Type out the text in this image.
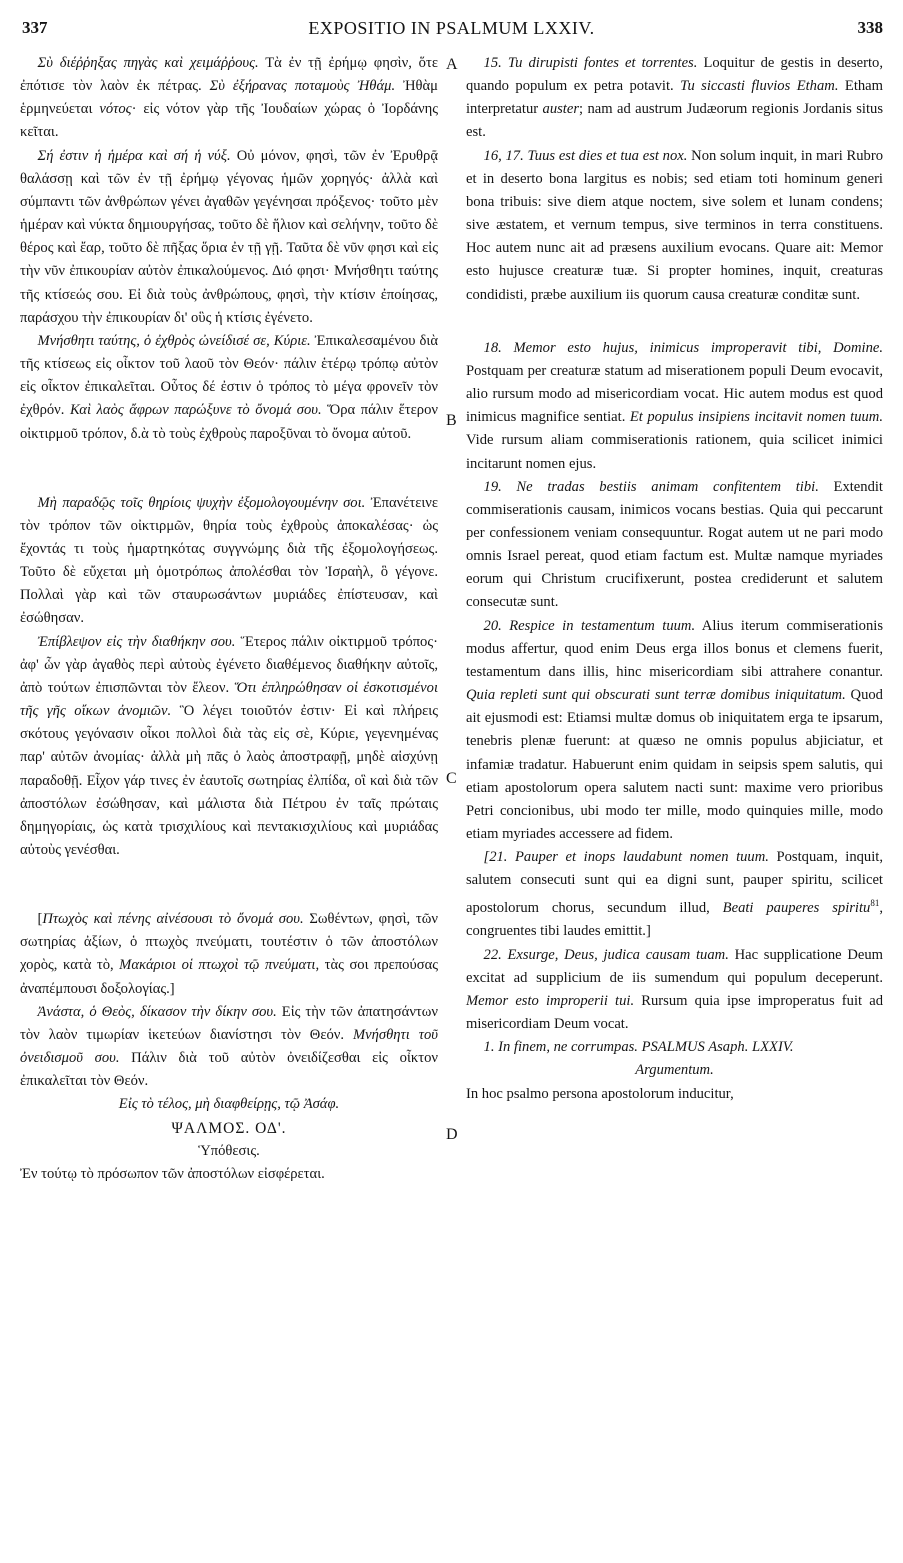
337	EXPOSITIO IN PSALMUM LXXIV.	338
A
B
C
D

Σὺ διέῤῥηξας πηγὰς καὶ χειμάῤῥους. Τὰ ἐν τῇ ἐρήμῳ φησὶν, ὅτε ἐπότισε τὸν λαὸν ἐκ πέτρας. Σὺ ἐξήρανας ποταμοὺς Ἠθάμ. Ἠθὰμ ἑρμηνεύεται νότος· εἰς νότον γὰρ τῆς Ἰουδαίων χώρας ὁ Ἰορδάνης κεῖται.

Σή ἐστιν ἡ ἡμέρα καὶ σή ἡ νύξ. Οὐ μόνον, φησὶ, τῶν ἐν Ἐρυθρᾷ θαλάσσῃ καὶ τῶν ἐν τῇ ἐρήμῳ γέγονας ἡμῶν χορηγός· ἀλλὰ καὶ σύμπαντι τῶν ἀνθρώπων γένει ἀγαθῶν γεγένησαι πρόξενος· τοῦτο μὲν ἡμέραν καὶ νύκτα δημιουργήσας, τοῦτο δὲ ἥλιον καὶ σελήνην, τοῦτο δὲ θέρος καὶ ἔαρ, τοῦτο δὲ πῆξας ὅρια ἐν τῇ γῇ. Ταῦτα δὲ νῦν φησι καὶ εἰς τὴν νῦν ἐπικουρίαν αὐτὸν ἐπικαλούμενος. Διό φησι· Μνήσθητι ταύτης τῆς κτίσεώς σου. Εἰ διὰ τοὺς ἀνθρώπους, φησὶ, τὴν κτίσιν ἐποίησας, παράσχου τὴν ἐπικουρίαν δι' οὓς ἡ κτίσις ἐγένετο.

Μνήσθητι ταύτης, ὁ ἐχθρὸς ὠνείδισέ σε, Κύριε. Ἐπικαλεσαμένου διὰ τῆς κτίσεως εἰς οἶκτον τοῦ λαοῦ τὸν Θεόν· πάλιν ἑτέρῳ τρόπῳ αὐτὸν εἰς οἶκτον ἐπικαλεῖται. Οὗτος δέ ἐστιν ὁ τρόπος τὸ μέγα φρονεῖν τὸν ἐχθρόν. Καὶ λαὸς ἄφρων παρώξυνε τὸ ὄνομά σου. Ὅρα πάλιν ἕτερον οἰκτιρμοῦ τρόπον, δ.ὰ τὸ τοὺς ἐχθροὺς παροξῦναι τὸ ὄνομα αὐτοῦ.

Μὴ παραδῷς τοῖς θηρίοις ψυχὴν ἐξομολογουμένην σοι. Ἐπανέτεινε τὸν τρόπον τῶν οἰκτιρμῶν, θηρία τοὺς ἐχθροὺς ἀποκαλέσας· ὡς ἔχοντάς τι τοὺς ἡμαρτηκότας συγγνώμης διὰ τῆς ἐξομολογήσεως. Τοῦτο δὲ εὔχεται μὴ ὁμοτρόπως ἀπολέσθαι τὸν Ἰσραὴλ, ὃ γέγονε. Πολλαὶ γὰρ καὶ τῶν σταυρωσάντων μυριάδες ἐπίστευσαν, καὶ ἐσώθησαν.

Ἐπίβλεψον εἰς τὴν διαθήκην σου. Ἕτερος πάλιν οἰκτιρμοῦ τρόπος· ἀφ' ὧν γὰρ ἀγαθὸς περὶ αὐτοὺς ἐγένετο διαθέμενος διαθήκην αὐτοῖς, ἀπὸ τούτων ἐπισπῶνται τὸν ἔλεον. Ὅτι ἐπληρώθησαν οἱ ἐσκοτισμένοι τῆς γῆς οἴκων ἀνομιῶν. Ὃ λέγει τοιοῦτόν ἐστιν· Εἰ καὶ πλήρεις σκότους γεγόνασιν οἶκοι πολλοὶ διὰ τὰς εἰς σὲ, Κύριε, γεγενημένας παρ' αὐτῶν ἀνομίας· ἀλλὰ μὴ πᾶς ὁ λαὸς ἀποστραφῇ, μηδὲ αἰσχύνῃ παραδοθῇ. Εἶχον γάρ τινες ἐν ἑαυτοῖς σωτηρίας ἐλπίδα, οἳ καὶ διὰ τῶν ἀποστόλων ἐσώθησαν, καὶ μάλιστα διὰ Πέτρου ἐν ταῖς πρώταις δημηγορίαις, ὡς κατὰ τρισχιλίους καὶ πεντακισχιλίους καὶ μυριάδας αὐτοὺς γενέσθαι.

[Πτωχὸς καὶ πένης αἰνέσουσι τὸ ὄνομά σου. Σωθέντων, φησὶ, τῶν σωτηρίας ἀξίων, ὁ πτωχὸς πνεύματι, τουτέστιν ὁ τῶν ἀποστόλων χορὸς, κατὰ τὸ, Μακάριοι οἱ πτωχοὶ τῷ πνεύματι, τὰς σοι πρεπούσας ἀναπέμπουσι δοξολογίας.]

Ἀνάστα, ὁ Θεὸς, δίκασον τὴν δίκην σου. Εἰς τὴν τῶν ἀπατησάντων τὸν λαὸν τιμωρίαν ἱκετεύων διανίστησι τὸν Θεόν. Μνήσθητι τοῦ ὀνειδισμοῦ σου. Πάλιν διὰ τοῦ αὐτὸν ὀνειδίζεσθαι εἰς οἶκτον ἐπικαλεῖται τὸν Θεόν.

Εἰς τὸ τέλος, μὴ διαφθείρῃς, τῷ Ἀσάφ.

ΨΑΛΜΟΣ. ΟΔ'.

Ὑπόθεσις.

Ἐν τούτῳ τὸ πρόσωπον τῶν ἀποστόλων εἰσφέρεται.

15. Tu dirupisti fontes et torrentes. Loquitur de gestis in deserto, quando populum ex petra potavit. Tu siccasti fluvios Etham. Etham interpretatur auster; nam ad austrum Judæorum regionis Jordanis situs est.

16, 17. Tuus est dies et tua est nox. Non solum inquit, in mari Rubro et in deserto bona largitus es nobis; sed etiam toti hominum generi bona tribuis: sive diem atque noctem, sive solem et lunam condens; sive æstatem, et vernum tempus, sive terminos in terra constituens. Hoc autem nunc ait ad præsens auxilium evocans. Quare ait: Memor esto hujusce creaturæ tuæ. Si propter homines, inquit, creaturas condidisti, præbe auxilium iis quorum causa creaturæ conditæ sunt.

18. Memor esto hujus, inimicus improperavit tibi, Domine. Postquam per creaturæ statum ad miserationem populi Deum evocavit, alio rursum modo ad misericordiam vocat. Hic autem modus est quod inimicus magnifice sentiat. Et populus insipiens incitavit nomen tuum. Vide rursum aliam commiserationis rationem, quia scilicet inimici incitarunt nomen ejus.

19. Ne tradas bestiis animam confitentem tibi. Extendit commiserationis causam, inimicos vocans bestias. Quia qui peccarunt per confessionem veniam consequuntur. Rogat autem ut ne pari modo omnis Israel pereat, quod etiam factum est. Multæ namque myriades eorum qui Christum crucifixerunt, postea crediderunt et salutem consecutæ sunt.

20. Respice in testamentum tuum. Alius iterum commiserationis modus affertur, quod enim Deus erga illos bonus et clemens fuerit, testamentum dans illis, hinc misericordiam sibi attrahere conantur. Quia repleti sunt qui obscurati sunt terræ domibus iniquitatum. Quod ait ejusmodi est: Etiamsi multæ domus ob iniquitatem erga te ipsarum, tenebris plenæ fuerunt: at quæso ne omnis populus abjiciatur, et infamiæ tradatur. Habuerunt enim quidam in seipsis spem salutis, qui etiam apostolorum opera salutem nacti sunt: maxime vero prioribus Petri concionibus, ubi modo ter mille, modo quinquies mille, modo etiam myriades accessere ad fidem.

[21. Pauper et inops laudabunt nomen tuum. Postquam, inquit, salutem consecuti sunt qui ea digni sunt, pauper spiritu, scilicet apostolorum chorus, secundum illud, Beati pauperes spiritu$^{81}$, congruentes tibi laudes emittit.]

22. Exsurge, Deus, judica causam tuam. Hac supplicatione Deum excitat ad supplicium de iis sumendum qui populum deceperunt. Memor esto improperii tui. Rursum quia ipse improperatus fuit ad misericordiam Deum vocat.

1. In finem, ne corrumpas. PSALMUS Asaph. LXXIV.

Argumentum.

In hoc psalmo persona apostolorum inducitur,
